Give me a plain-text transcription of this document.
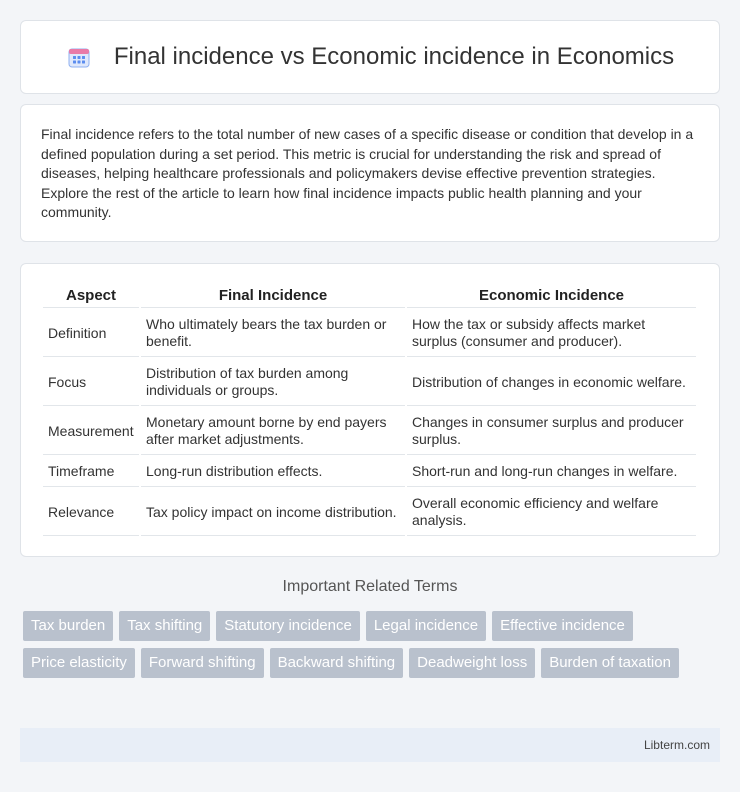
Final incidence vs Economic incidence in Economics

Final incidence refers to the total number of new cases of a specific disease or condition that develop in a defined population during a set period. This metric is crucial for understanding the risk and spread of diseases, helping healthcare professionals and policymakers devise effective prevention strategies. Explore the rest of the article to learn how final incidence impacts public health planning and your community.

Aspect	Final Incidence	Economic Incidence
Definition	Who ultimately bears the tax burden or benefit.	How the tax or subsidy affects market surplus (consumer and producer).
Focus	Distribution of tax burden among individuals or groups.	Distribution of changes in economic welfare.
Measurement	Monetary amount borne by end payers after market adjustments.	Changes in consumer surplus and producer surplus.
Timeframe	Long-run distribution effects.	Short-run and long-run changes in welfare.
Relevance	Tax policy impact on income distribution.	Overall economic efficiency and welfare analysis.
Important Related Terms
Tax burden	Tax shifting	Statutory incidence	Legal incidence	Effective incidence
Price elasticity	Forward shifting	Backward shifting	Deadweight loss	Burden of taxation
Libterm.com
